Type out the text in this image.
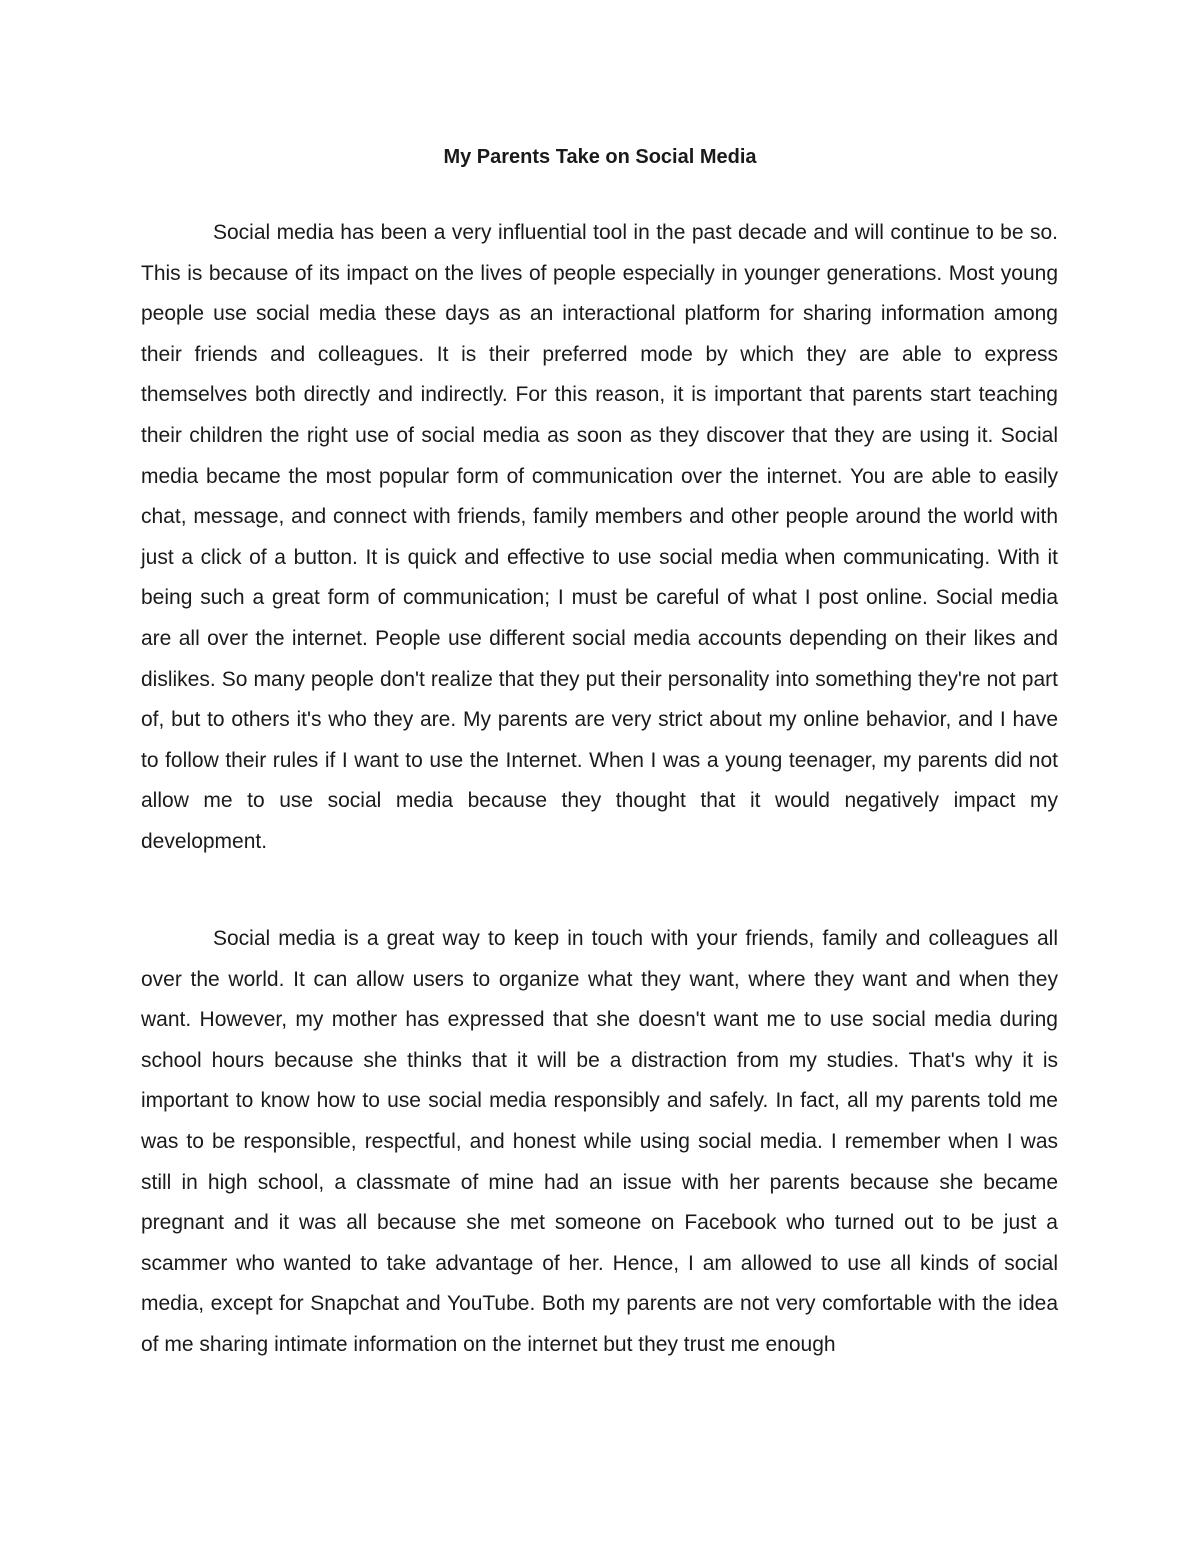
My Parents Take on Social Media

Social media has been a very influential tool in the past decade and will continue to be so. This is because of its impact on the lives of people especially in younger generations. Most young people use social media these days as an interactional platform for sharing information among their friends and colleagues. It is their preferred mode by which they are able to express themselves both directly and indirectly. For this reason, it is important that parents start teaching their children the right use of social media as soon as they discover that they are using it. Social media became the most popular form of communication over the internet. You are able to easily chat, message, and connect with friends, family members and other people around the world with just a click of a button. It is quick and effective to use social media when communicating. With it being such a great form of communication; I must be careful of what I post online. Social media are all over the internet. People use different social media accounts depending on their likes and dislikes. So many people don't realize that they put their personality into something they're not part of, but to others it's who they are. My parents are very strict about my online behavior, and I have to follow their rules if I want to use the Internet. When I was a young teenager, my parents did not allow me to use social media because they thought that it would negatively impact my development.

Social media is a great way to keep in touch with your friends, family and colleagues all over the world. It can allow users to organize what they want, where they want and when they want. However, my mother has expressed that she doesn't want me to use social media during school hours because she thinks that it will be a distraction from my studies. That's why it is important to know how to use social media responsibly and safely. In fact, all my parents told me was to be responsible, respectful, and honest while using social media. I remember when I was still in high school, a classmate of mine had an issue with her parents because she became pregnant and it was all because she met someone on Facebook who turned out to be just a scammer who wanted to take advantage of her. Hence, I am allowed to use all kinds of social media, except for Snapchat and YouTube. Both my parents are not very comfortable with the idea of me sharing intimate information on the internet but they trust me enough
